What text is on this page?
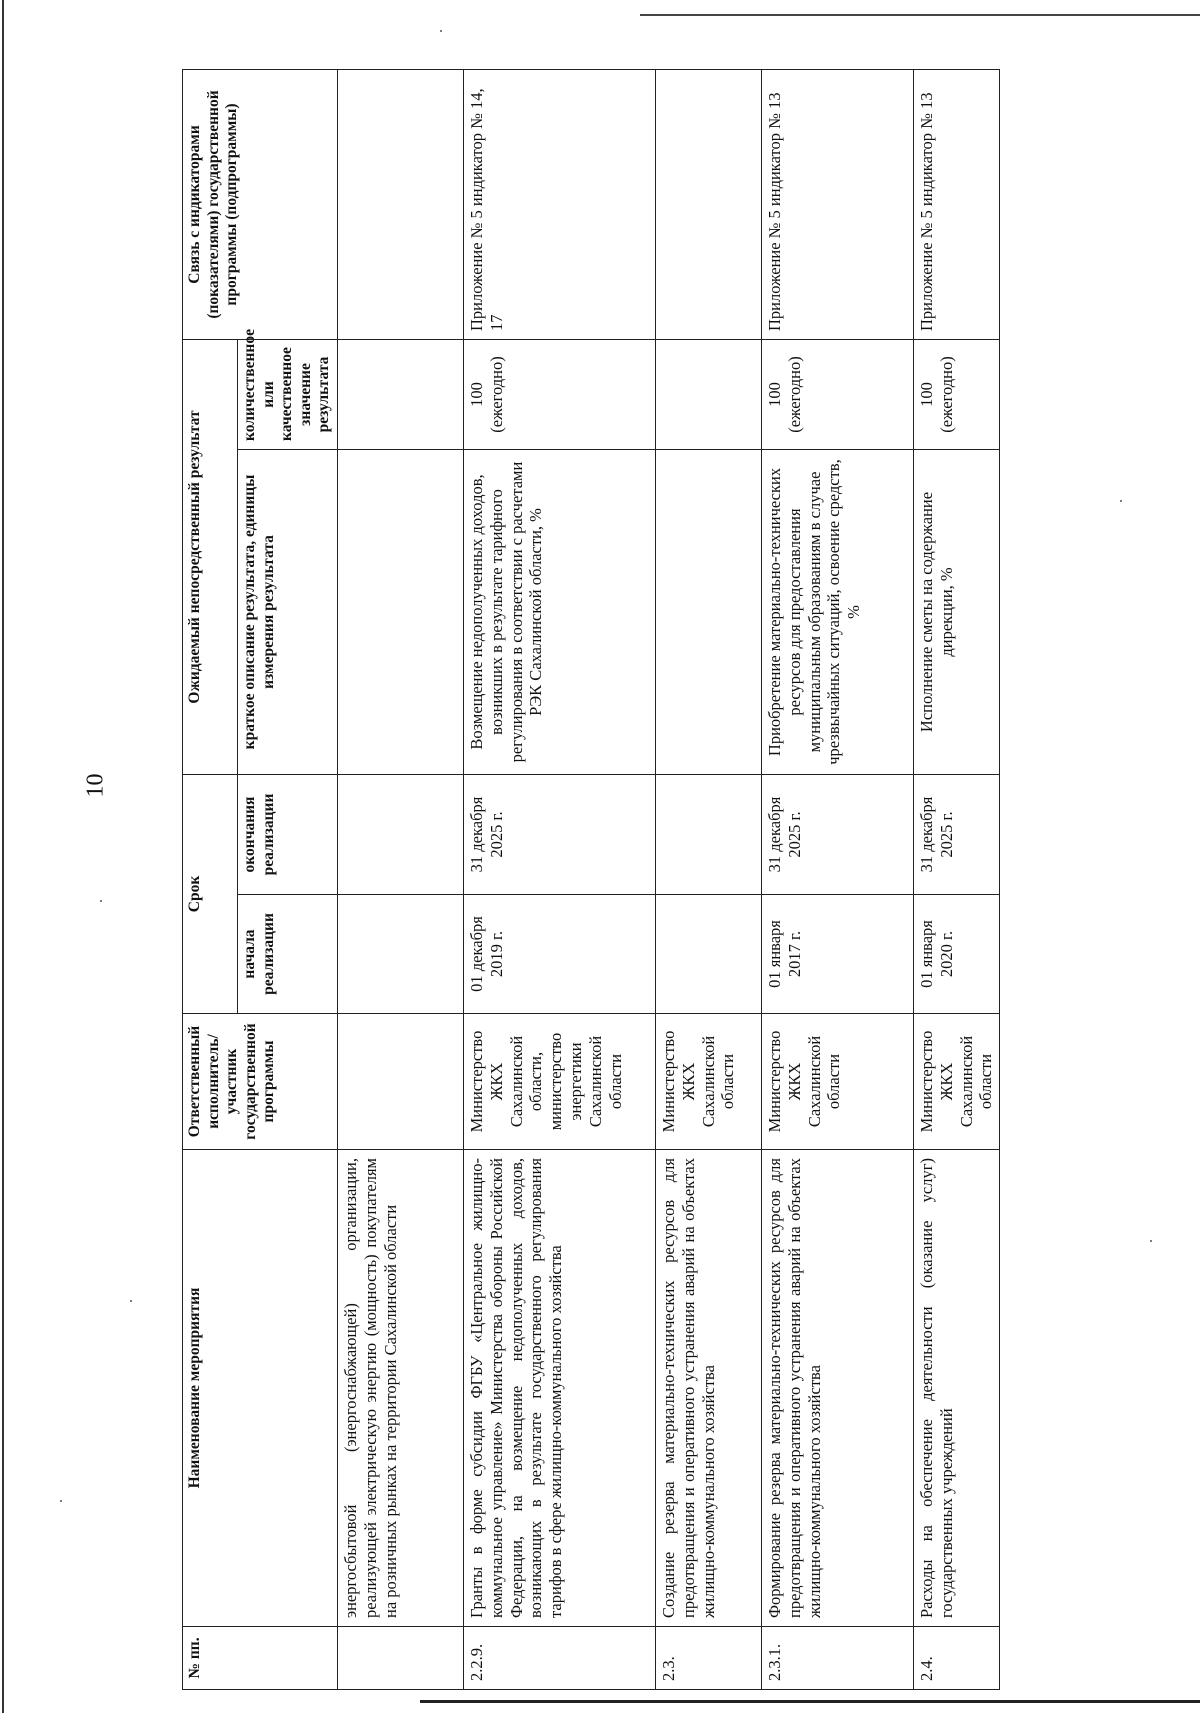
10
№ пп.	Наименование мероприятия	Ответственный исполнитель/ участник государственной программы	Срок		Ожидаемый непосредственный результат		Связь с индикаторами (показателями) государственной программы (подпрограммы)
			начала реализации	окончания реализации	краткое описание результата, единицы измерения результата	количественное или качественное значение результата	
	энергосбытовой (энергоснабжающей) организации, реализующей электрическую энергию (мощность) покупателям на розничных рынках на территории Сахалинской области						
2.2.9.	Гранты в форме субсидии ФГБУ «Центральное жилищно-коммунальное управление» Министерства обороны Российской Федерации, на возмещение недополученных доходов, возникающих в результате государственного регулирования тарифов в сфере жилищно-коммунального хозяйства	Министерство ЖКХ Сахалинской области, министерство энергетики Сахалинской области	01 декабря 2019 г.	31 декабря 2025 г.	Возмещение недополученных доходов, возникших в результате тарифного регулирования в соответствии с расчетами РЭК Сахалинской области, %	100 (ежегодно)	Приложение № 5 индикатор № 14, 17
2.3.	Создание резерва материально-технических ресурсов для предотвращения и оперативного устранения аварий на объектах жилищно-коммунального хозяйства	Министерство ЖКХ Сахалинской области					
2.3.1.	Формирование резерва материально-технических ресурсов для предотвращения и оперативного устранения аварий на объектах жилищно-коммунального хозяйства	Министерство ЖКХ Сахалинской области	01 января 2017 г.	31 декабря 2025 г.	Приобретение материально-технических ресурсов для предоставления муниципальным образованиям в случае чрезвычайных ситуаций, освоение средств, %	100 (ежегодно)	Приложение № 5 индикатор № 13
2.4.	Расходы на обеспечение деятельности (оказание услуг) государственных учреждений	Министерство ЖКХ Сахалинской области	01 января 2020 г.	31 декабря 2025 г.	Исполнение сметы на содержание дирекции, %	100 (ежегодно)	Приложение № 5 индикатор № 13
